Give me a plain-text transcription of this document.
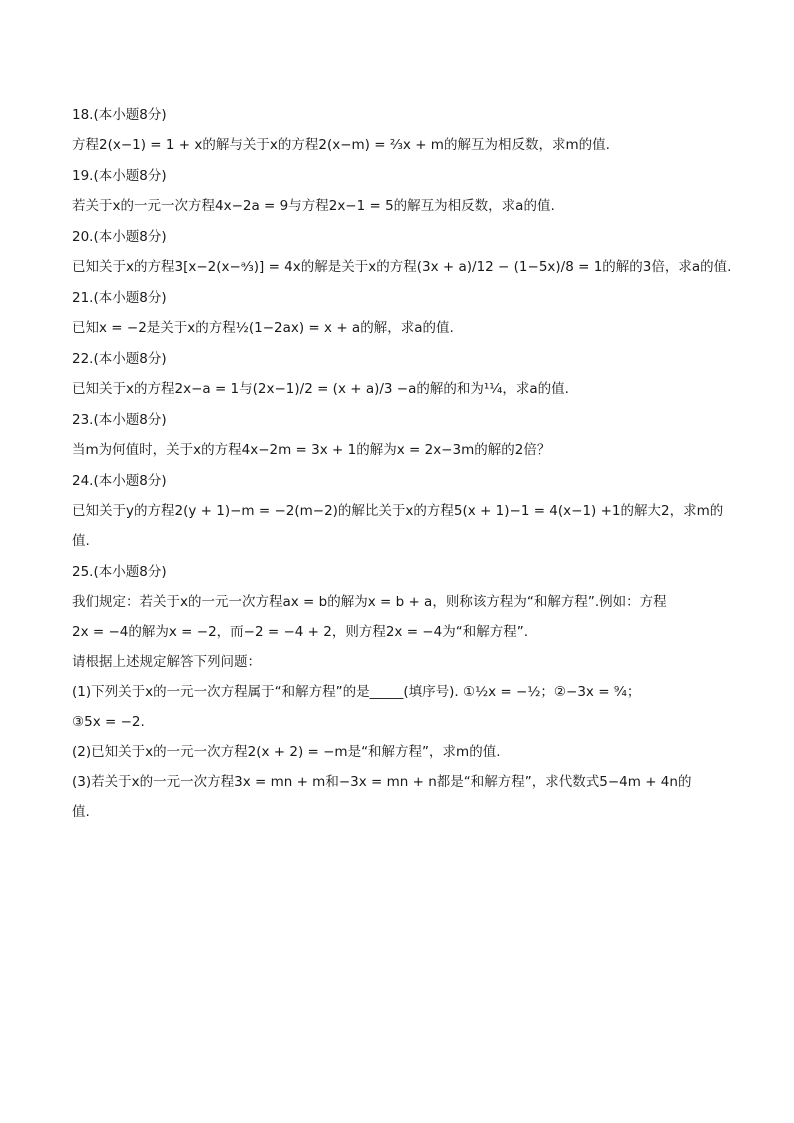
18.(本小题8分)

方程2(x−1) = 1 + x的解与关于x的方程2(x−m) = ²⁄₃x + m的解互为相反数，求m的值.

19.(本小题8分)

若关于x的一元一次方程4x−2a = 9与方程2x−1 = 5的解互为相反数，求a的值.

20.(本小题8分)

已知关于x的方程3[x−2(x−ᵃ⁄₃)] = 4x的解是关于x的方程(3x + a)/12 − (1−5x)/8 = 1的解的3倍，求a的值.

21.(本小题8分)

已知x = −2是关于x的方程½(1−2ax) = x + a的解，求a的值.

22.(本小题8分)

已知关于x的方程2x−a = 1与(2x−1)/2 = (x + a)/3 −a的解的和为¹¹⁄₄，求a的值.

23.(本小题8分)

当m为何值时，关于x的方程4x−2m = 3x + 1的解为x = 2x−3m的解的2倍？

24.(本小题8分)

已知关于y的方程2(y + 1)−m = −2(m−2)的解比关于x的方程5(x + 1)−1 = 4(x−1) +1的解大2，求m的

值.

25.(本小题8分)

我们规定：若关于x的一元一次方程ax = b的解为x = b + a，则称该方程为“和解方程”.例如：方程

2x = −4的解为x = −2，而−2 = −4 + 2，则方程2x = −4为“和解方程”.

请根据上述规定解答下列问题：

(1)下列关于x的一元一次方程属于“和解方程”的是_____(填序号). ①½x = −½；②−3x = ⁹⁄₄；

③5x = −2.

(2)已知关于x的一元一次方程2(x + 2) = −m是“和解方程”，求m的值.

(3)若关于x的一元一次方程3x = mn + m和−3x = mn + n都是“和解方程”，求代数式5−4m + 4n的

值.
